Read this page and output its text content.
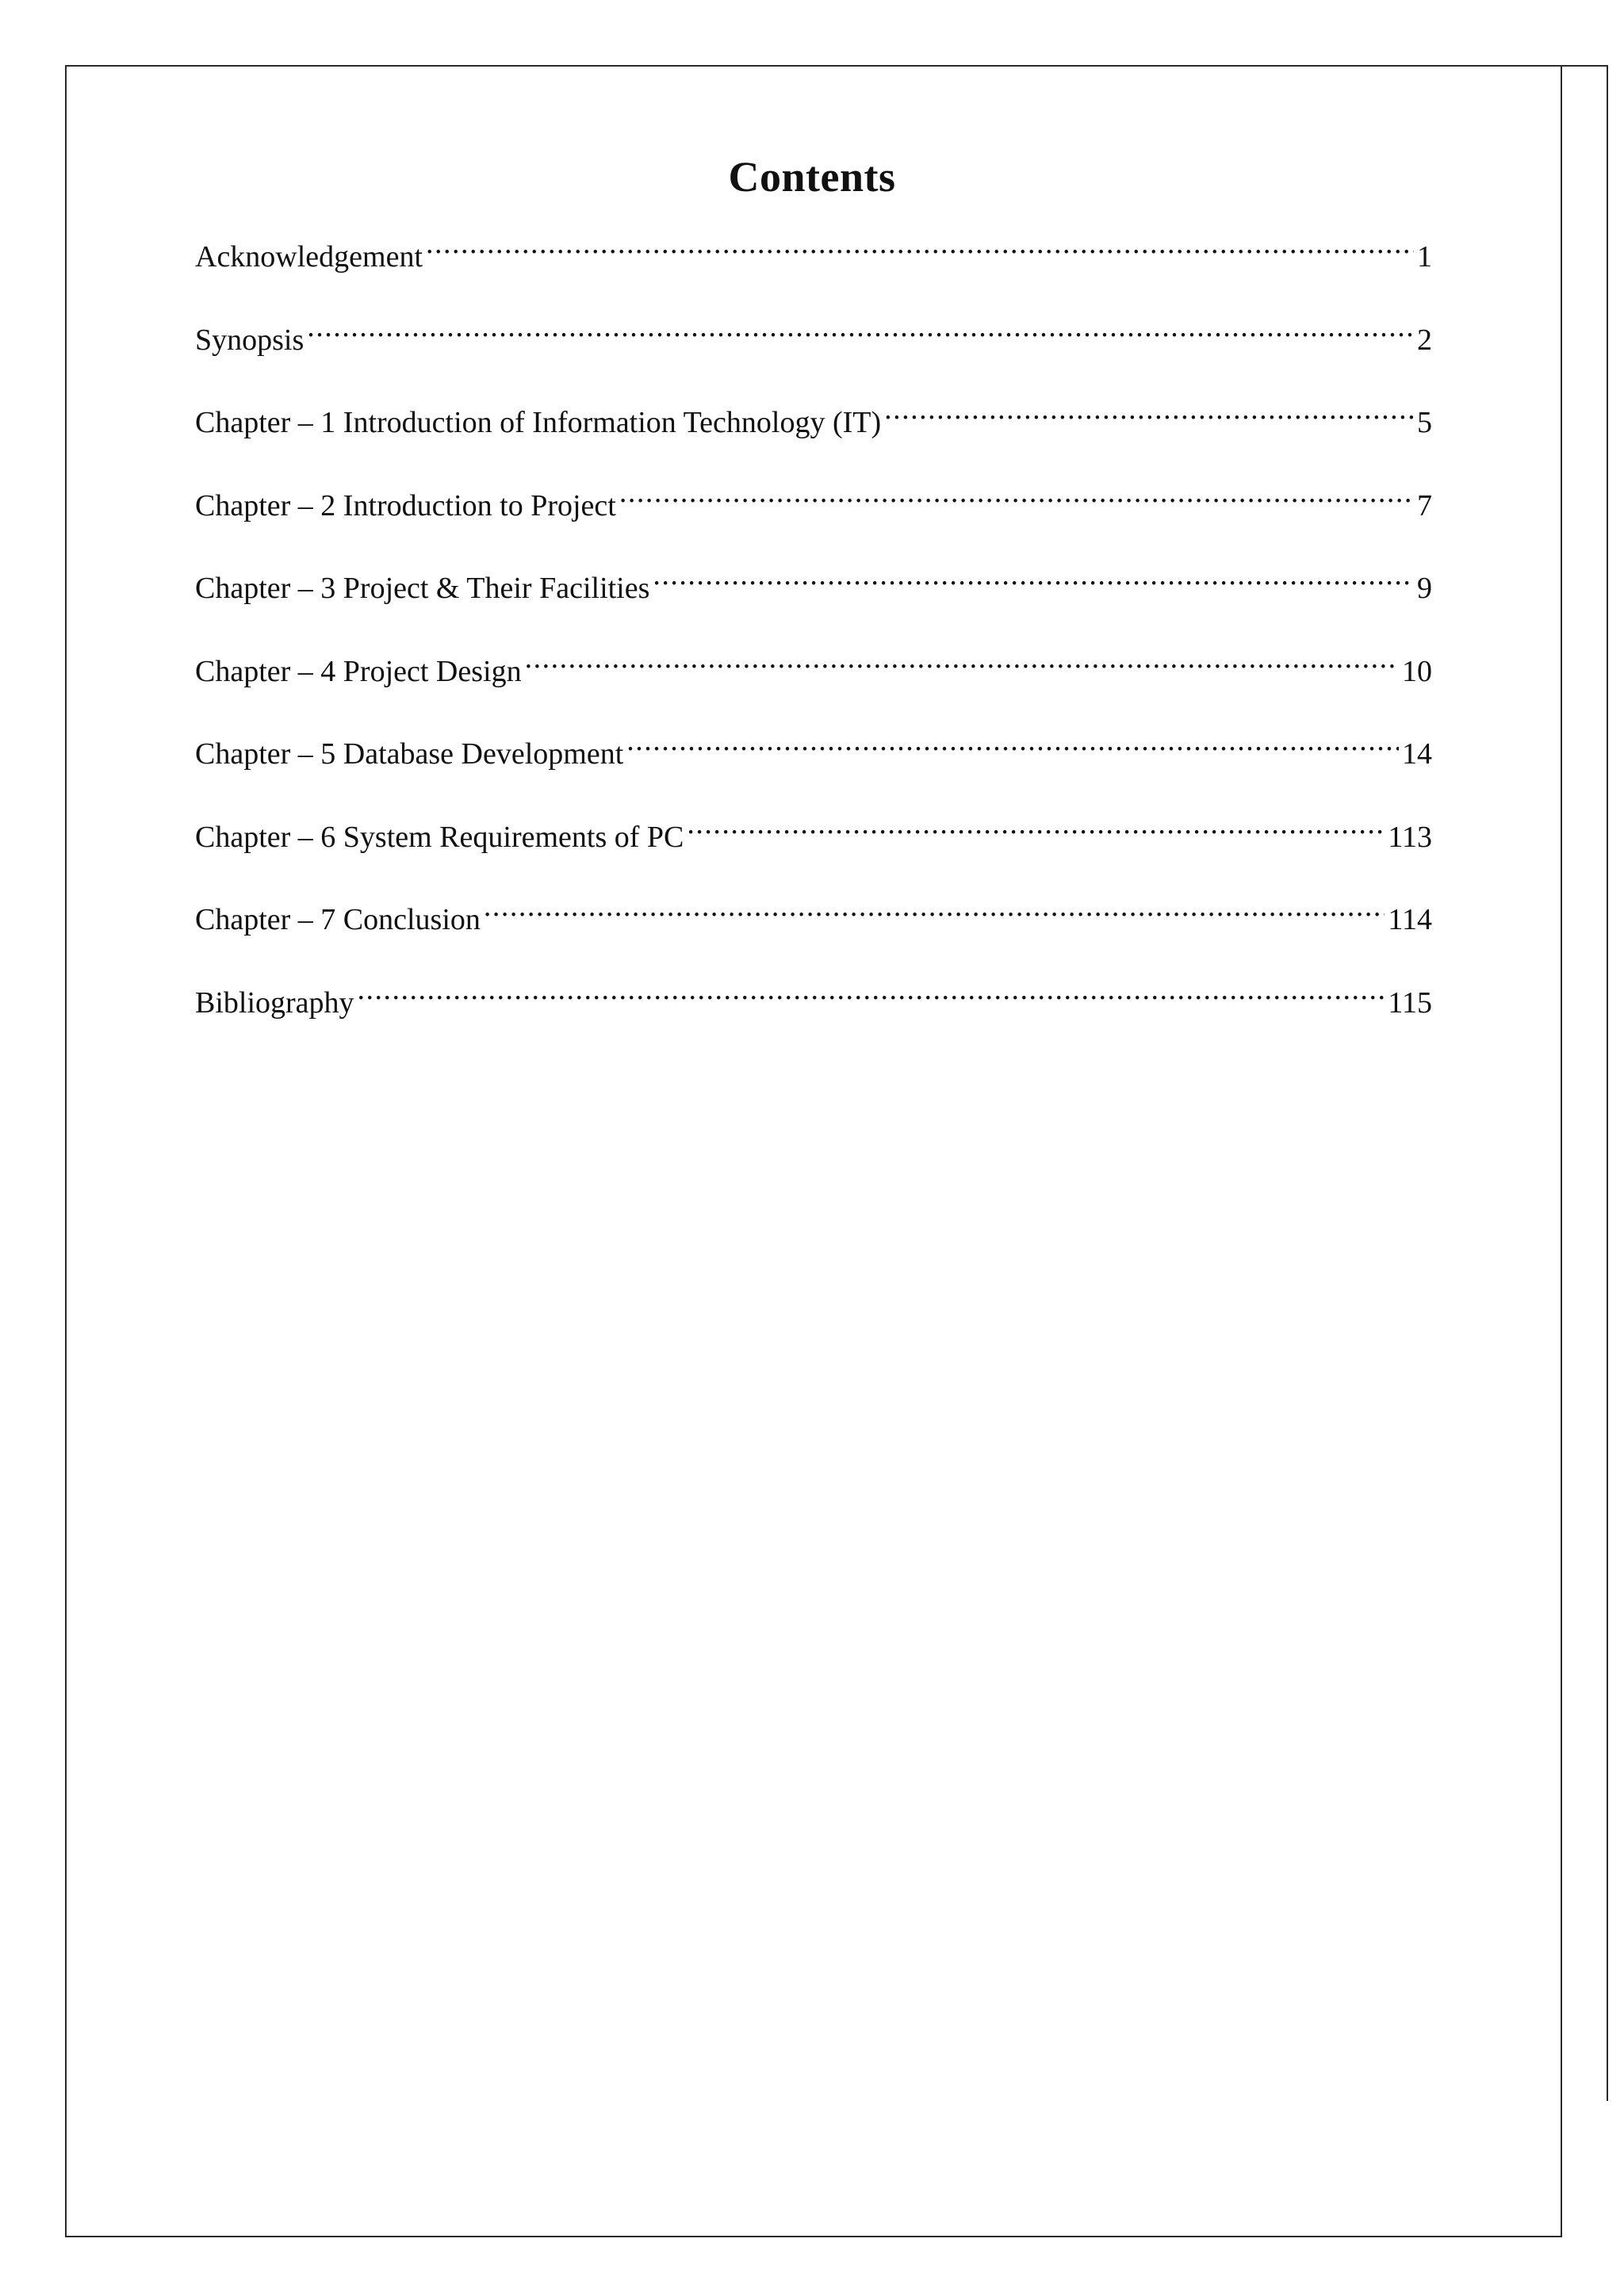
Contents
Acknowledgement .....	1
Synopsis .....	2
Chapter – 1 Introduction of Information Technology (IT) .....	5
Chapter – 2 Introduction to Project .....	7
Chapter – 3 Project & Their Facilities .....	9
Chapter – 4 Project Design .....	10
Chapter – 5 Database Development .....	14
Chapter – 6 System Requirements of PC .....	113
Chapter – 7 Conclusion .....	114
Bibliography .....	115
